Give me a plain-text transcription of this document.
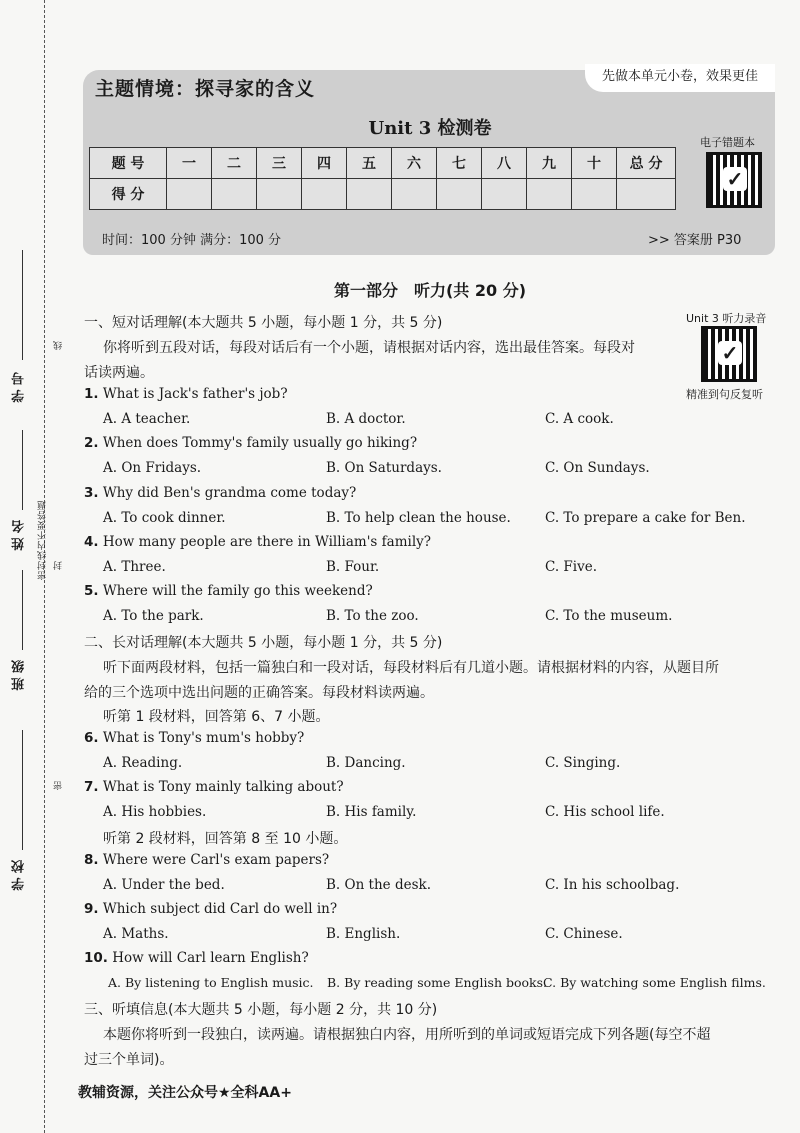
学 号
姓 名
班 级
学 校
线
密封线内不要答题 封
密
先做本单元小卷，效果更佳
主题情境：探寻家的含义
Unit 3 检测卷
电子错题本
✓
题 号	一	二	三	四	五	六	七	八	九	十	总 分
得 分											
时间：100 分钟 满分：100 分	>> 答案册 P30
第一部分　听力(共 20 分)
Unit 3 听力录音
✓
精准到句反复听
一、短对话理解(本大题共 5 小题，每小题 1 分，共 5 分)
你将听到五段对话，每段对话后有一个小题，请根据对话内容，选出最佳答案。每段对
话读两遍。
1. What is Jack's father's job?
A. A teacher.	B. A doctor.	C. A cook.
2. When does Tommy's family usually go hiking?
A. On Fridays.	B. On Saturdays.	C. On Sundays.
3. Why did Ben's grandma come today?
A. To cook dinner.	B. To help clean the house.	C. To prepare a cake for Ben.
4. How many people are there in William's family?
A. Three.	B. Four.	C. Five.
5. Where will the family go this weekend?
A. To the park.	B. To the zoo.	C. To the museum.
二、长对话理解(本大题共 5 小题，每小题 1 分，共 5 分)
听下面两段材料，包括一篇独白和一段对话，每段材料后有几道小题。请根据材料的内容，从题目所
给的三个选项中选出问题的正确答案。每段材料读两遍。
听第 1 段材料，回答第 6、7 小题。
6. What is Tony's mum's hobby?
A. Reading.	B. Dancing.	C. Singing.
7. What is Tony mainly talking about?
A. His hobbies.	B. His family.	C. His school life.
听第 2 段材料，回答第 8 至 10 小题。
8. Where were Carl's exam papers?
A. Under the bed.	B. On the desk.	C. In his schoolbag.
9. Which subject did Carl do well in?
A. Maths.	B. English.	C. Chinese.
10. How will Carl learn English?
A. By listening to English music. B. By reading some English books.
C. By watching some English films.
三、听填信息(本大题共 5 小题，每小题 2 分，共 10 分)
本题你将听到一段独白，读两遍。请根据独白内容，用所听到的单词或短语完成下列各题(每空不超
过三个单词)。
教辅资源，关注公众号★全科AA+
